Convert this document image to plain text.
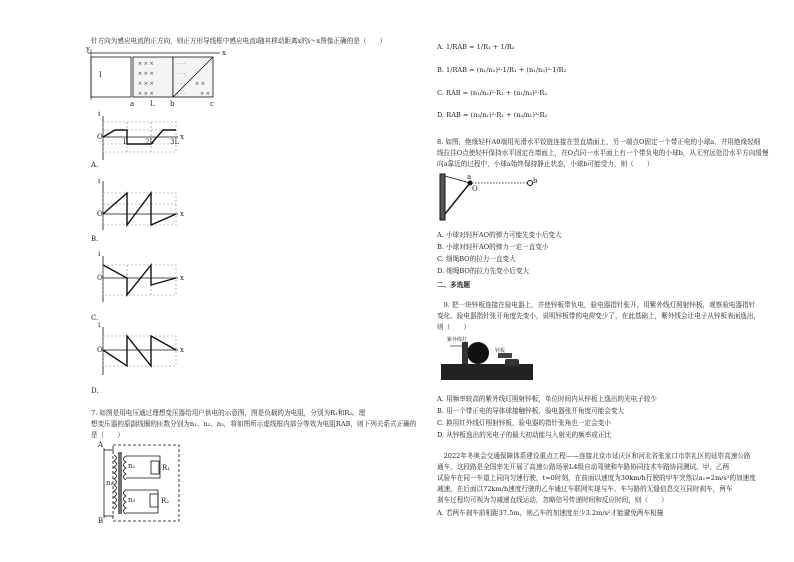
× × ×
× × ×
× × ×
× × ×
· · ·
· · ·
· · ·
· · ·
× ×
× ×
针方向为感应电流的正方向，则正方形导线框中感应电流i随其移动距离x的i～x图像正确的是（　　）
x
y
I
a	b	c
L
i
O	x
L 2L 3L
A.
i
O	x
B.
i
O	x
C.
i
O	x
D.
7. 如图是用电压通过理想变压器给用户供电的示意图，图是负载的为电阻，分别为R₁和R₂。理
想变压器的原副线圈的匝数分别为n₁、n₂、n₃，将如图所示虚线框内部分等效为电阻RAB，则下列关系式正确的
是（　　）
A
B
n₁
n₂
n₃
R₁
R₂
A. 1/RAB = 1/R₁ + 1/R₂
B. 1/RAB = (n₁/n₂)²·1/R₁ + (n₁/n₃)²·1/R₂
C. RAB = (n₁/n₂)²·R₁ + (n₁/n₃)²·R₂
D. RAB = (n₂/n₁)²·R₁ + (n₃/n₁)²·R₂
8. 如图，绝缘轻杆A0端用光滑水平铰链连接在竖直墙面上，另一端点O固定一个带正电的小球a，并用绝缘轻细
线拉住O点使轻杆保持水平固定在墙面上，在O点同一水平面上有一个带负电的小球b，从无穷远处沿水平方向缓慢
向a靠近的过程中，小球a始终保持静止状态，小球b可能受力，则（　　）
a	b
O
A. 小球对轻杆AO的弹力可能先变小后变大
B. 小球对轻杆AO的弹力一定一直变小
C. 细绳BO的拉力一直变大
D. 细绳BO的拉力先变小后变大
二、多选题
　9. 把一块锌板连接在验电器上，并使锌板带负电，验电器指针张开，用紫外线灯照射锌板，观察验电器指针
变化。验电器指针张开角度先变小，说明锌板带的电荷变少了，在此基础上，紫外线会让电子从锌板表面逸出，
则（　　）
紫外线灯
锌板
A. 用频率较高的紫外线灯照射锌板，单位时间内从锌板上逸出的光电子较少
B. 用一个带正电的导体球接触锌板，验电器张开角度可能会变大
C. 换用红外线灯照射锌板，验电器的指针张角也一定会变小
D. 从锌板逸出的光电子的最大初动能与入射光的频率成正比
　2022年冬奥会交通保障体系建设重点工程——连接北京市延庆区和河北省张家口市崇礼区的延崇高速公路
通车，这段路是全国率先开展了高速公路场景L4级自动驾驶和车路协同技术车路协同测试。甲、乙两
试验车在同一车道上同向匀速行驶，t=0时刻，在前面以速度为30km/h行驶的甲车突然以a₁=2m/s²的加速度
减速，在后面以72km/h速度行驶的乙车通过车联网实现与车、车与路的无缝信息交互同时刹车，两车
刹车过程均可视为匀减速直线运动，忽略信号传递时间和反应时间，则（　　）
A. 若两车刹车前相距37.5m，则乙车的加速度至少3.2m/s²才能避免两车相撞
